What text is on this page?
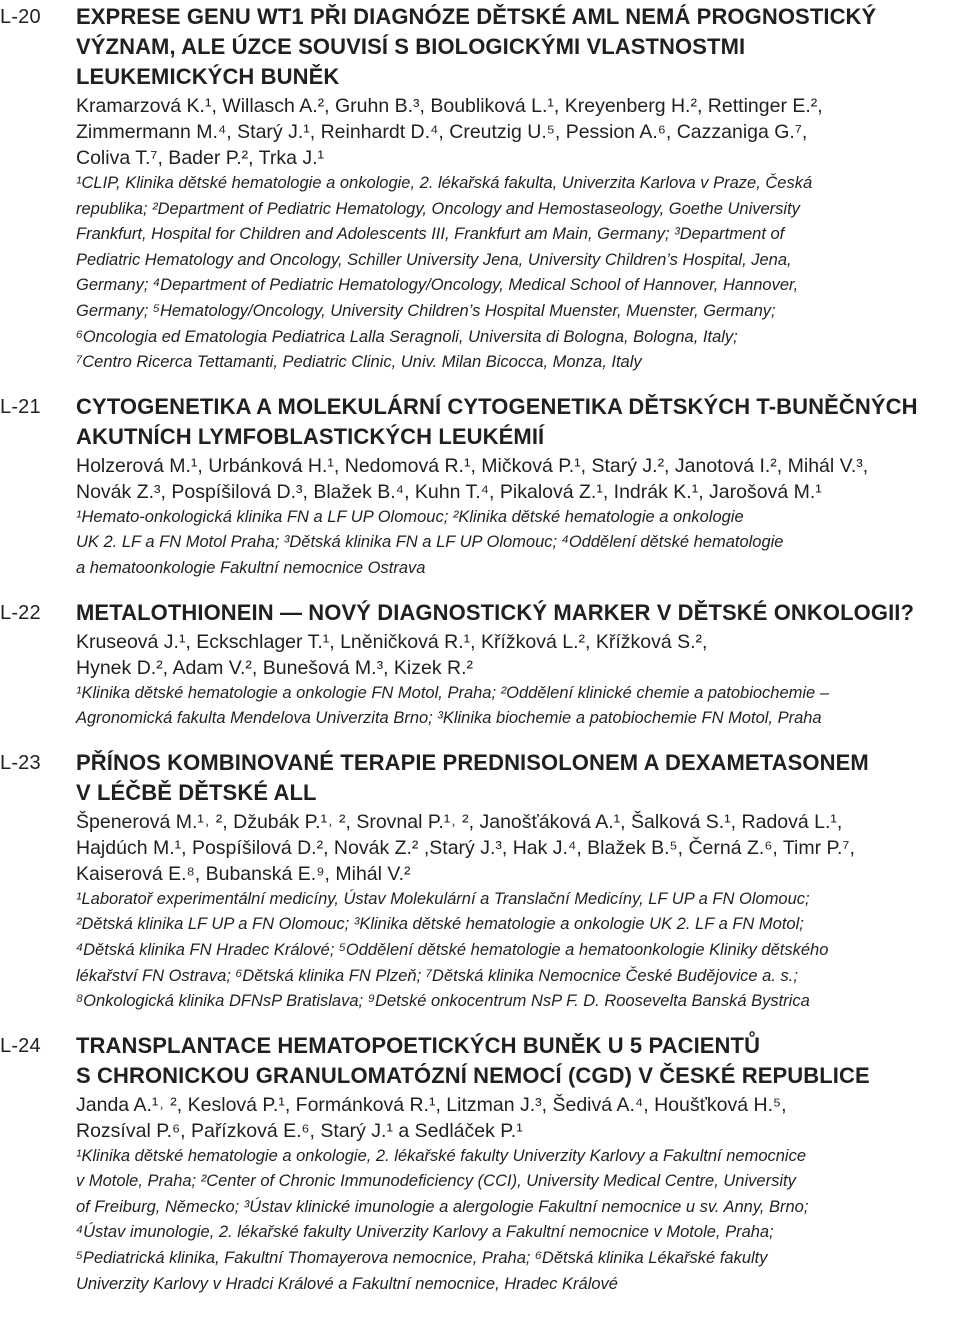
L-20 EXPRESE GENU WT1 PŘI DIAGNÓZE DĚTSKÉ AML NEMÁ PROGNOSTICKÝ
VÝZNAM, ALE ÚZCE SOUVISÍ S BIOLOGICKÝMI VLASTNOSTMI
LEUKEMICKÝCH BUNĚK
Kramarzová K.¹, Willasch A.², Gruhn B.³, Boubliková L.¹, Kreyenberg H.², Rettinger E.²,
Zimmermann M.⁴, Starý J.¹, Reinhardt D.⁴, Creutzig U.⁵, Pession A.⁶, Cazzaniga G.⁷,
Coliva T.⁷, Bader P.², Trka J.¹
¹CLIP, Klinika dětské hematologie a onkologie, 2. lékařská fakulta, Univerzita Karlova v Praze, Česká
republika; ²Department of Pediatric Hematology, Oncology and Hemostaseology, Goethe University
Frankfurt, Hospital for Children and Adolescents III, Frankfurt am Main, Germany; ³Department of
Pediatric Hematology and Oncology, Schiller University Jena, University Children’s Hospital, Jena,
Germany; ⁴Department of Pediatric Hematology/Oncology, Medical School of Hannover, Hannover,
Germany; ⁵Hematology/Oncology, University Children’s Hospital Muenster, Muenster, Germany;
⁶Oncologia ed Ematologia Pediatrica Lalla Seragnoli, Universita di Bologna, Bologna, Italy;
⁷Centro Ricerca Tettamanti, Pediatric Clinic, Univ. Milan Bicocca, Monza, Italy
L-21 CYTOGENETIKA A MOLEKULÁRNÍ CYTOGENETIKA DĚTSKÝCH T-BUNĚČNÝCH
AKUTNÍCH LYMFOBLASTICKÝCH LEUKÉMIÍ
Holzerová M.¹, Urbánková H.¹, Nedomová R.¹, Mičková P.¹, Starý J.², Janotová I.², Mihál V.³,
Novák Z.³, Pospíšilová D.³, Blažek B.⁴, Kuhn T.⁴, Pikalová Z.¹, Indrák K.¹, Jarošová M.¹
¹Hemato-onkologická klinika FN a LF UP Olomouc; ²Klinika dětské hematologie a onkologie
UK 2. LF a FN Motol Praha; ³Dětská klinika FN a LF UP Olomouc; ⁴Oddělení dětské hematologie
a hematoonkologie Fakultní nemocnice Ostrava
L-22 METALOTHIONEIN — NOVÝ DIAGNOSTICKÝ MARKER V DĚTSKÉ ONKOLOGII?
Kruseová J.¹, Eckschlager T.¹, Lněničková R.¹, Křížková L.², Křížková S.²,
Hynek D.², Adam V.², Bunešová M.³, Kizek R.²
¹Klinika dětské hematologie a onkologie FN Motol, Praha; ²Oddělení klinické chemie a patobiochemie –
Agronomická fakulta Mendelova Univerzita Brno; ³Klinika biochemie a patobiochemie FN Motol, Praha
L-23 PŘÍNOS KOMBINOVANÉ TERAPIE PREDNISOLONEM A DEXAMETASONEM
V LÉČBĚ DĚTSKÉ ALL
Špenerová M.¹˒ ², Džubák P.¹˒ ², Srovnal P.¹˒ ², Janošťáková A.¹, Šalková S.¹, Radová L.¹,
Hajdúch M.¹, Pospíšilová D.², Novák Z.² ,Starý J.³, Hak J.⁴, Blažek B.⁵, Černá Z.⁶, Timr P.⁷,
Kaiserová E.⁸, Bubanská E.⁹, Mihál V.²
¹Laboratoř experimentální medicíny, Ústav Molekulární a Translační Medicíny, LF UP a FN Olomouc;
²Dětská klinika LF UP a FN Olomouc; ³Klinika dětské hematologie a onkologie UK 2. LF a FN Motol;
⁴Dětská klinika FN Hradec Králové; ⁵Oddělení dětské hematologie a hematoonkologie Kliniky dětského
lékařství FN Ostrava; ⁶Dětská klinika FN Plzeň; ⁷Dětská klinika Nemocnice České Budějovice a. s.;
⁸Onkologická klinika DFNsP Bratislava; ⁹Detské onkocentrum NsP F. D. Roosevelta Banská Bystrica
L-24 TRANSPLANTACE HEMATOPOETICKÝCH BUNĚK U 5 PACIENTŮ
S CHRONICKOU GRANULOMATÓZNÍ NEMOCÍ (CGD) V ČESKÉ REPUBLICE
Janda A.¹˒ ², Keslová P.¹, Formánková R.¹, Litzman J.³, Šedivá A.⁴, Houšťková H.⁵,
Rozsíval P.⁶, Pařízková E.⁶, Starý J.¹ a Sedláček P.¹
¹Klinika dětské hematologie a onkologie, 2. lékařské fakulty Univerzity Karlovy a Fakultní nemocnice
v Motole, Praha; ²Center of Chronic Immunodeficiency (CCI), University Medical Centre, University
of Freiburg, Německo; ³Ústav klinické imunologie a alergologie Fakultní nemocnice u sv. Anny, Brno;
⁴Ústav imunologie, 2. lékařské fakulty Univerzity Karlovy a Fakultní nemocnice v Motole, Praha;
⁵Pediatrická klinika, Fakultní Thomayerova nemocnice, Praha; ⁶Dětská klinika Lékařské fakulty
Univerzity Karlovy v Hradci Králové a Fakultní nemocnice, Hradec Králové
